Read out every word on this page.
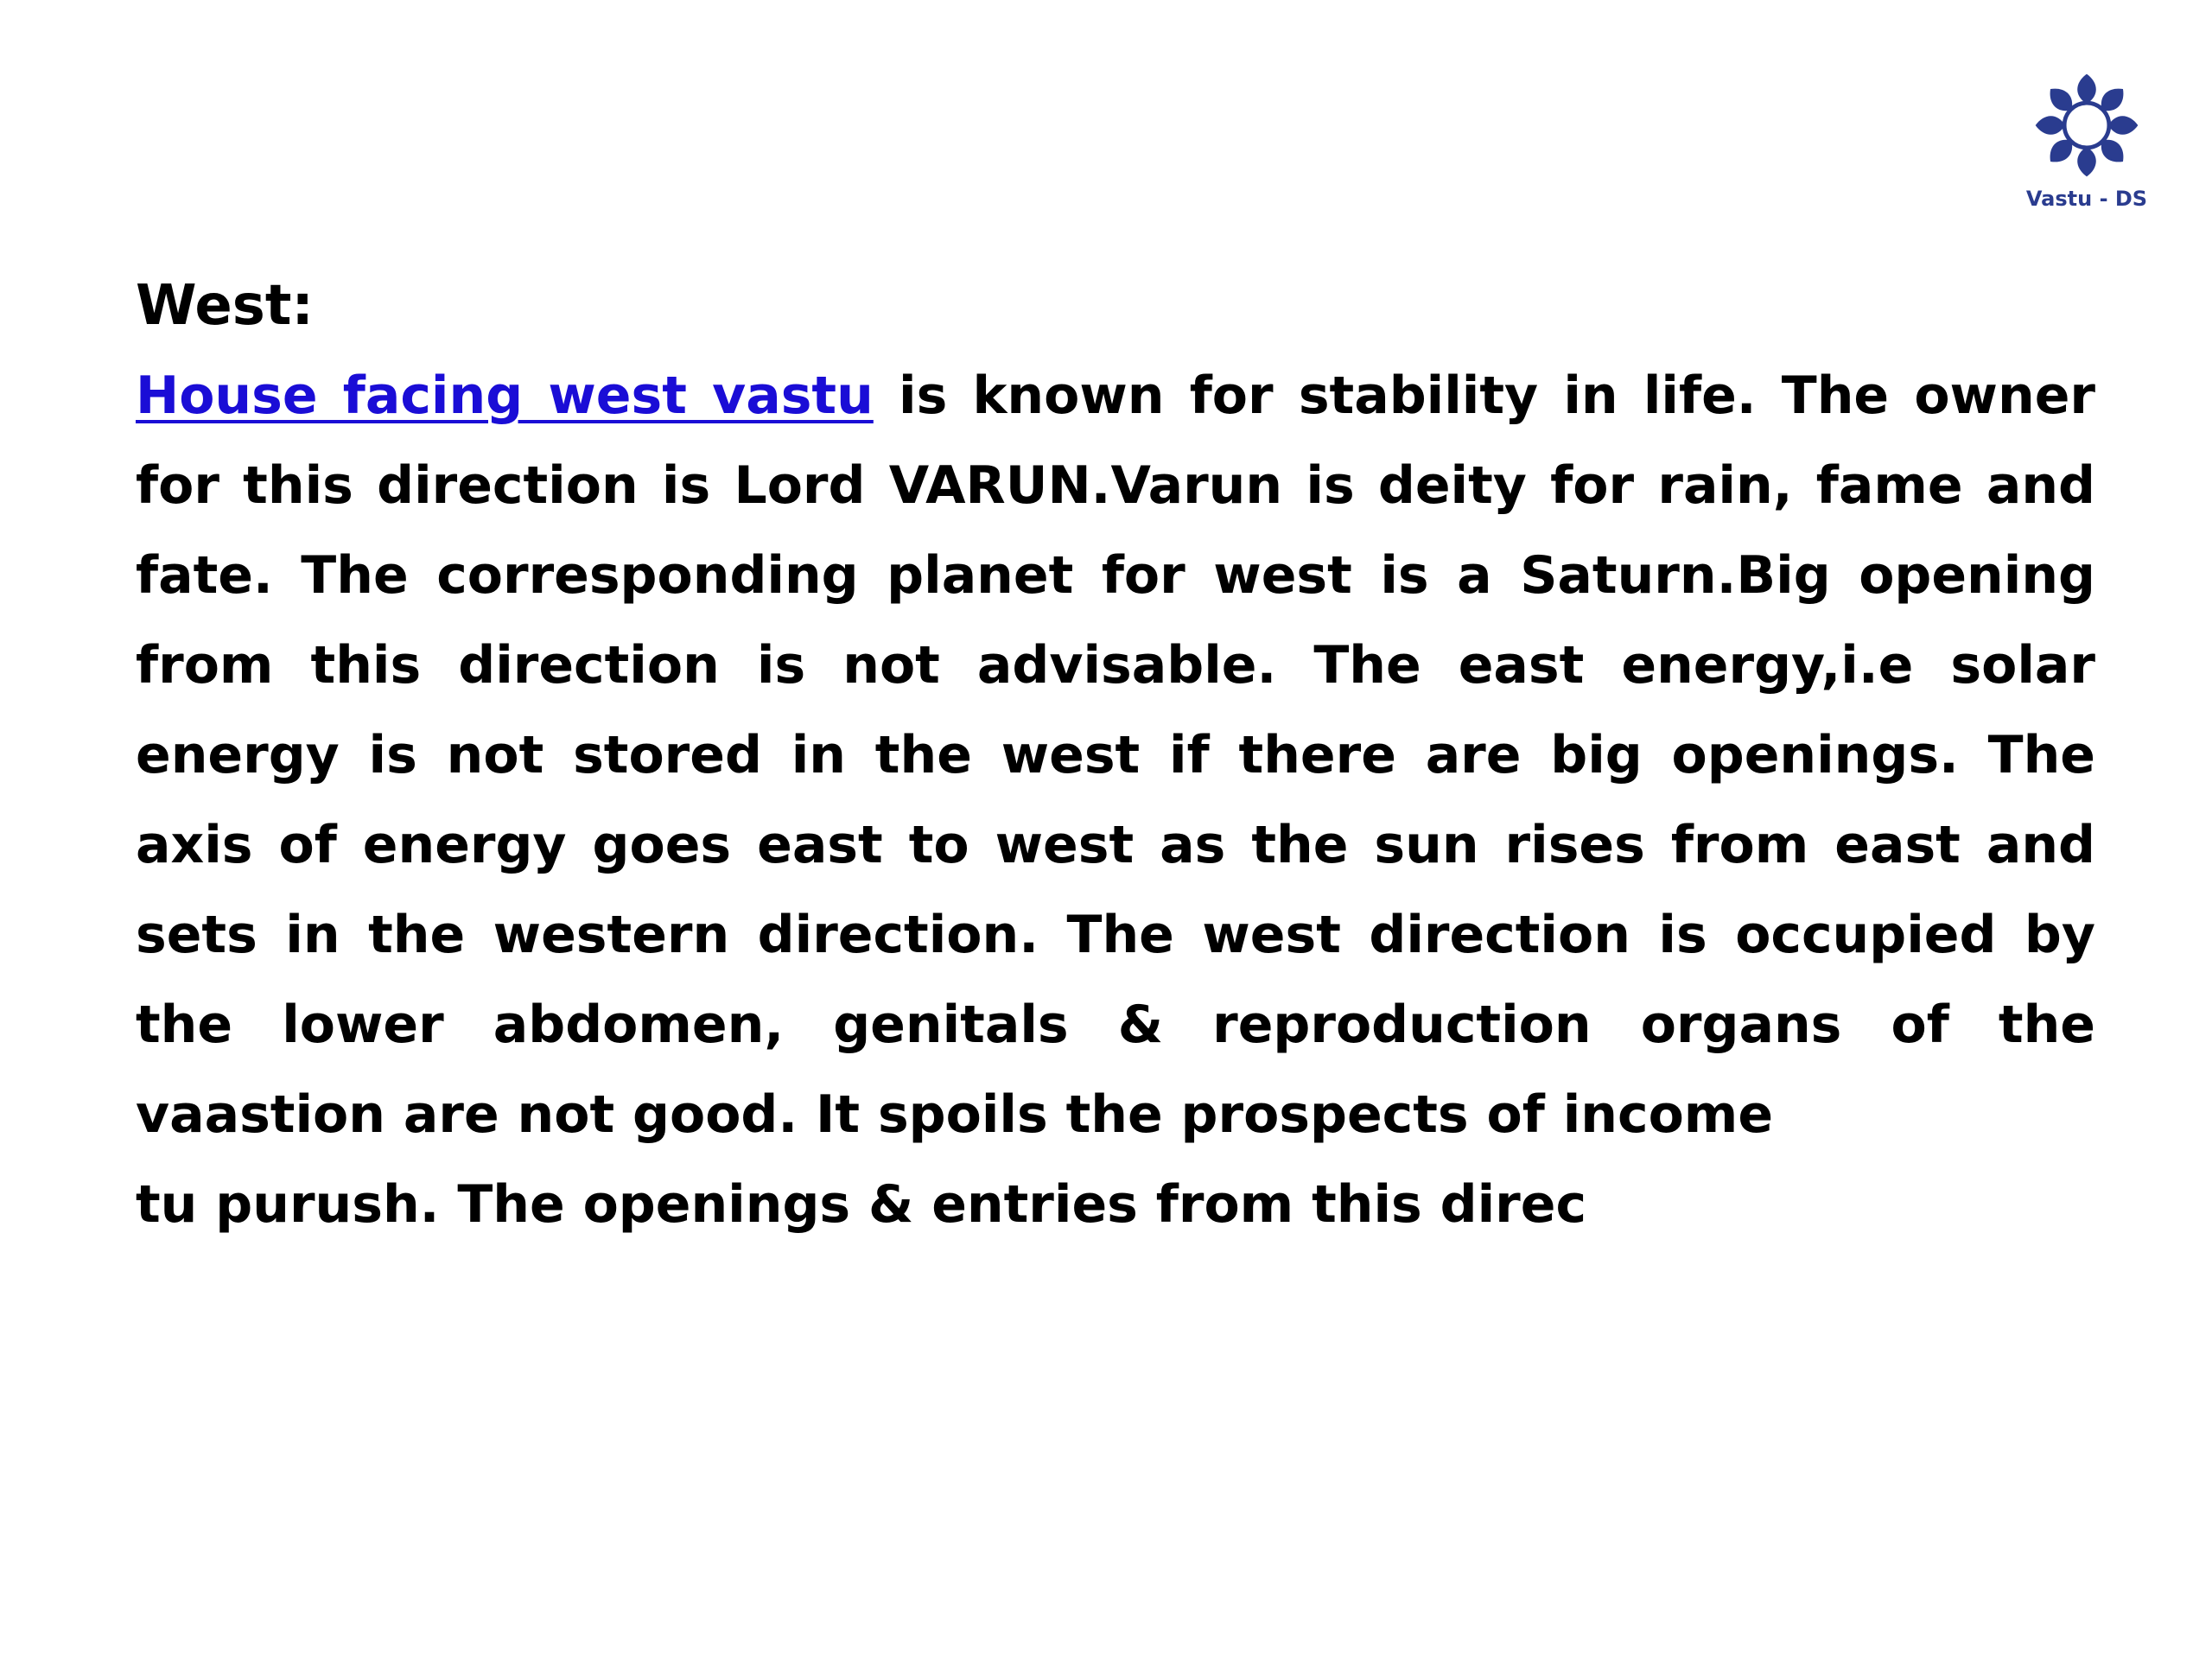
Vastu - DS

West:

House facing west vastu is known for stability in life. The owner for this direction is Lord VARUN.Varun is deity for rain, fame and fate. The corresponding planet for west is a Saturn.Big opening from this direction is not advisable. The east energy,i.e solar energy is not stored in the west if there are big openings. The axis of energy goes east to west as the sun rises from east and sets in the western direction. The west direction is occupied by the lower abdomen, genitals & reproduction organs of the vaastion are not good. It spoils the prospects of income

tu purush. The openings & entries from this direc
